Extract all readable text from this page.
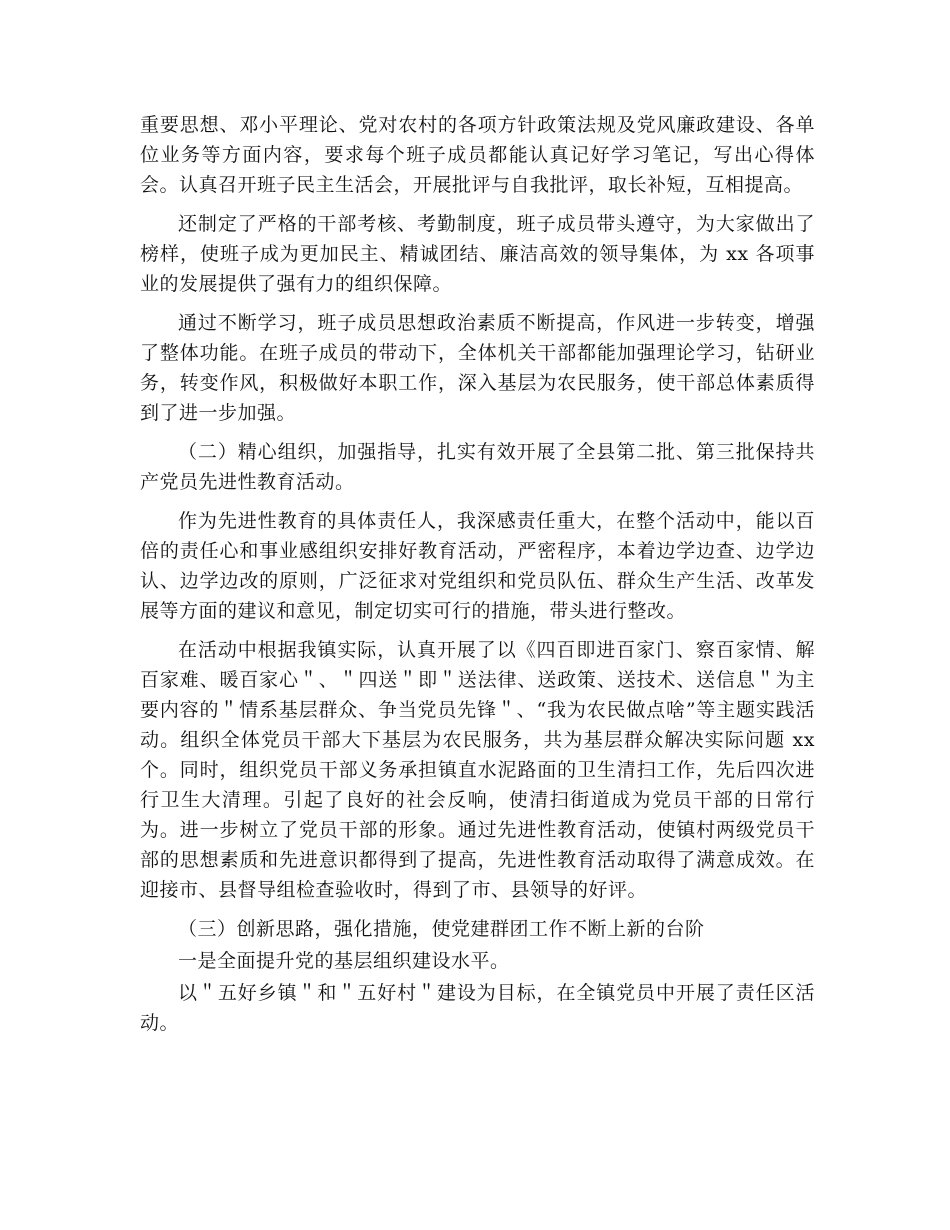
重要思想、邓小平理论、党对农村的各项方针政策法规及党风廉政建设、各单位业务等方面内容，要求每个班子成员都能认真记好学习笔记，写出心得体会。认真召开班子民主生活会，开展批评与自我批评，取长补短，互相提高。

还制定了严格的干部考核、考勤制度，班子成员带头遵守，为大家做出了榜样，使班子成为更加民主、精诚团结、廉洁高效的领导集体，为 xx 各项事业的发展提供了强有力的组织保障。

通过不断学习，班子成员思想政治素质不断提高，作风进一步转变，增强了整体功能。在班子成员的带动下，全体机关干部都能加强理论学习，钻研业务，转变作风，积极做好本职工作，深入基层为农民服务，使干部总体素质得到了进一步加强。

（二）精心组织，加强指导，扎实有效开展了全县第二批、第三批保持共产党员先进性教育活动。

作为先进性教育的具体责任人，我深感责任重大，在整个活动中，能以百倍的责任心和事业感组织安排好教育活动，严密程序，本着边学边查、边学边认、边学边改的原则，广泛征求对党组织和党员队伍、群众生产生活、改革发展等方面的建议和意见，制定切实可行的措施，带头进行整改。

在活动中根据我镇实际，认真开展了以《四百即进百家门、察百家情、解百家难、暖百家心＂、＂四送＂即＂送法律、送政策、送技术、送信息＂为主要内容的＂情系基层群众、争当党员先锋＂、“我为农民做点啥”等主题实践活动。组织全体党员干部大下基层为农民服务，共为基层群众解决实际问题 xx 个。同时，组织党员干部义务承担镇直水泥路面的卫生清扫工作，先后四次进行卫生大清理。引起了良好的社会反响，使清扫街道成为党员干部的日常行为。进一步树立了党员干部的形象。通过先进性教育活动，使镇村两级党员干部的思想素质和先进意识都得到了提高，先进性教育活动取得了满意成效。在迎接市、县督导组检查验收时，得到了市、县领导的好评。

（三）创新思路，强化措施，使党建群团工作不断上新的台阶

一是全面提升党的基层组织建设水平。

以＂五好乡镇＂和＂五好村＂建设为目标，在全镇党员中开展了责任区活动。
